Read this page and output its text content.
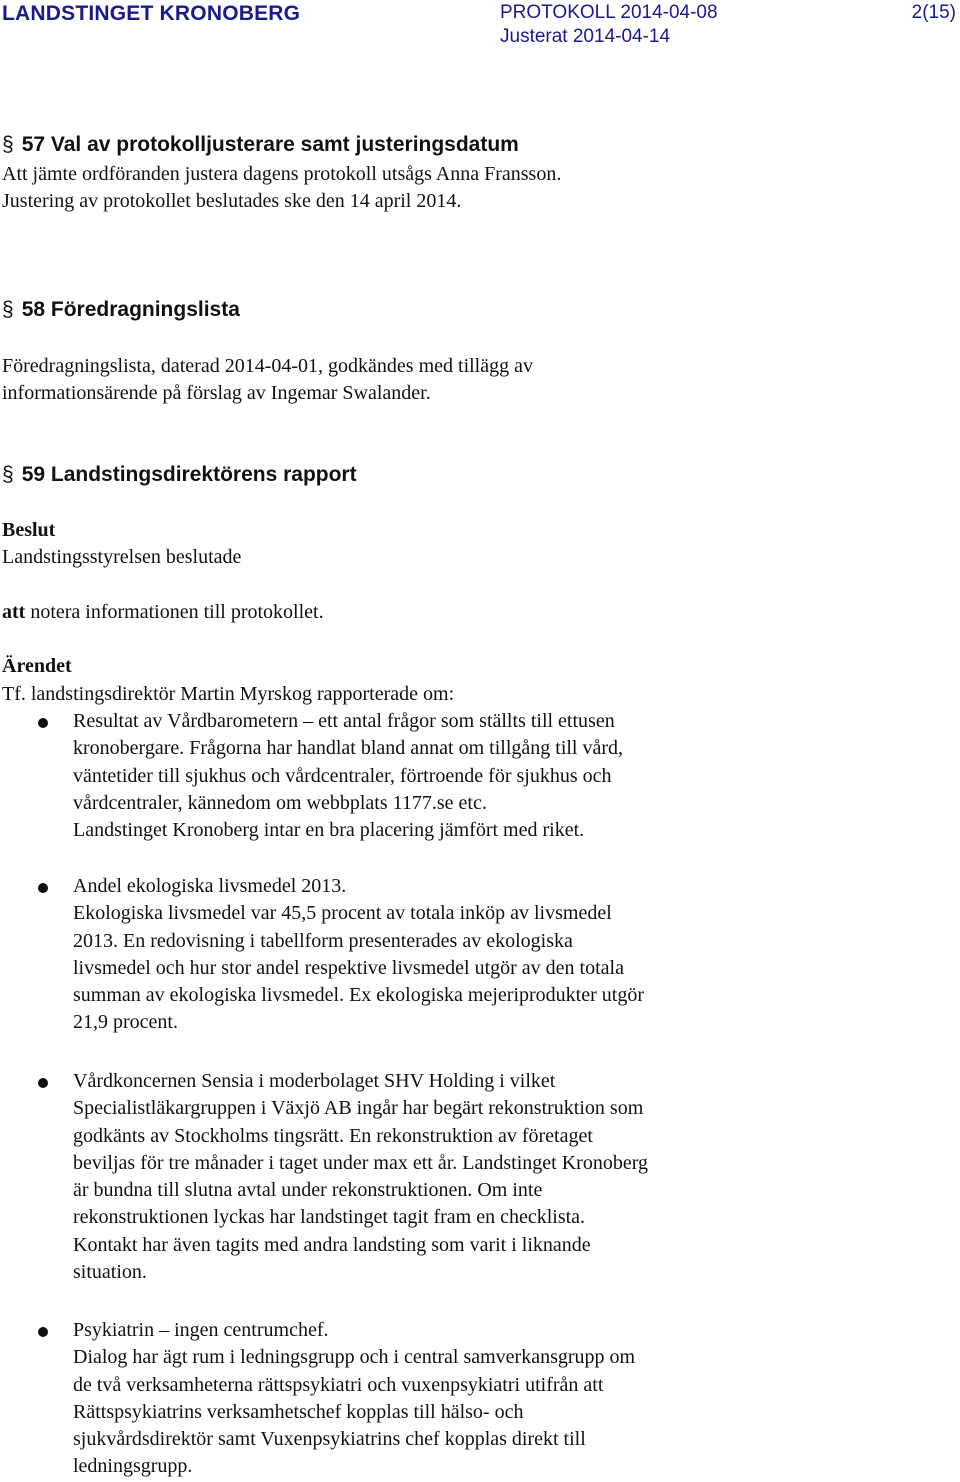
LANDSTINGET KRONOBERG	PROTOKOLL 2014-04-08
Justerat 2014-04-14
2(15)
§ 57 Val av protokolljusterare samt justeringsdatum
Att jämte ordföranden justera dagens protokoll utsågs Anna Fransson.
Justering av protokollet beslutades ske den 14 april 2014.
§ 58 Föredragningslista
Föredragningslista, daterad 2014-04-01, godkändes med tillägg av
informationsärende på förslag av Ingemar Swalander.
§ 59 Landstingsdirektörens rapport
Beslut
Landstingsstyrelsen beslutade
att notera informationen till protokollet.
Ärendet
Tf. landstingsdirektör Martin Myrskog rapporterade om:
Resultat av Vårdbarometern – ett antal frågor som ställts till ettusen
kronobergare. Frågorna har handlat bland annat om tillgång till vård,
väntetider till sjukhus och vårdcentraler, förtroende för sjukhus och
vårdcentraler, kännedom om webbplats 1177.se etc.
Landstinget Kronoberg intar en bra placering jämfört med riket.
Andel ekologiska livsmedel 2013.
Ekologiska livsmedel var 45,5 procent av totala inköp av livsmedel
2013. En redovisning i tabellform presenterades av ekologiska
livsmedel och hur stor andel respektive livsmedel utgör av den totala
summan av ekologiska livsmedel. Ex ekologiska mejeriprodukter utgör
21,9 procent.
Vårdkoncernen Sensia i moderbolaget SHV Holding i vilket
Specialistläkargruppen i Växjö AB ingår har begärt rekonstruktion som
godkänts av Stockholms tingsrätt. En rekonstruktion av företaget
beviljas för tre månader i taget under max ett år. Landstinget Kronoberg
är bundna till slutna avtal under rekonstruktionen. Om inte
rekonstruktionen lyckas har landstinget tagit fram en checklista.
Kontakt har även tagits med andra landsting som varit i liknande
situation.
Psykiatrin – ingen centrumchef.
Dialog har ägt rum i ledningsgrupp och i central samverkansgrupp om
de två verksamheterna rättspsykiatri och vuxenpsykiatri utifrån att
Rättspsykiatrins verksamhetschef kopplas till hälso- och
sjukvårdsdirektör samt Vuxenpsykiatrins chef kopplas direkt till
ledningsgrupp.
